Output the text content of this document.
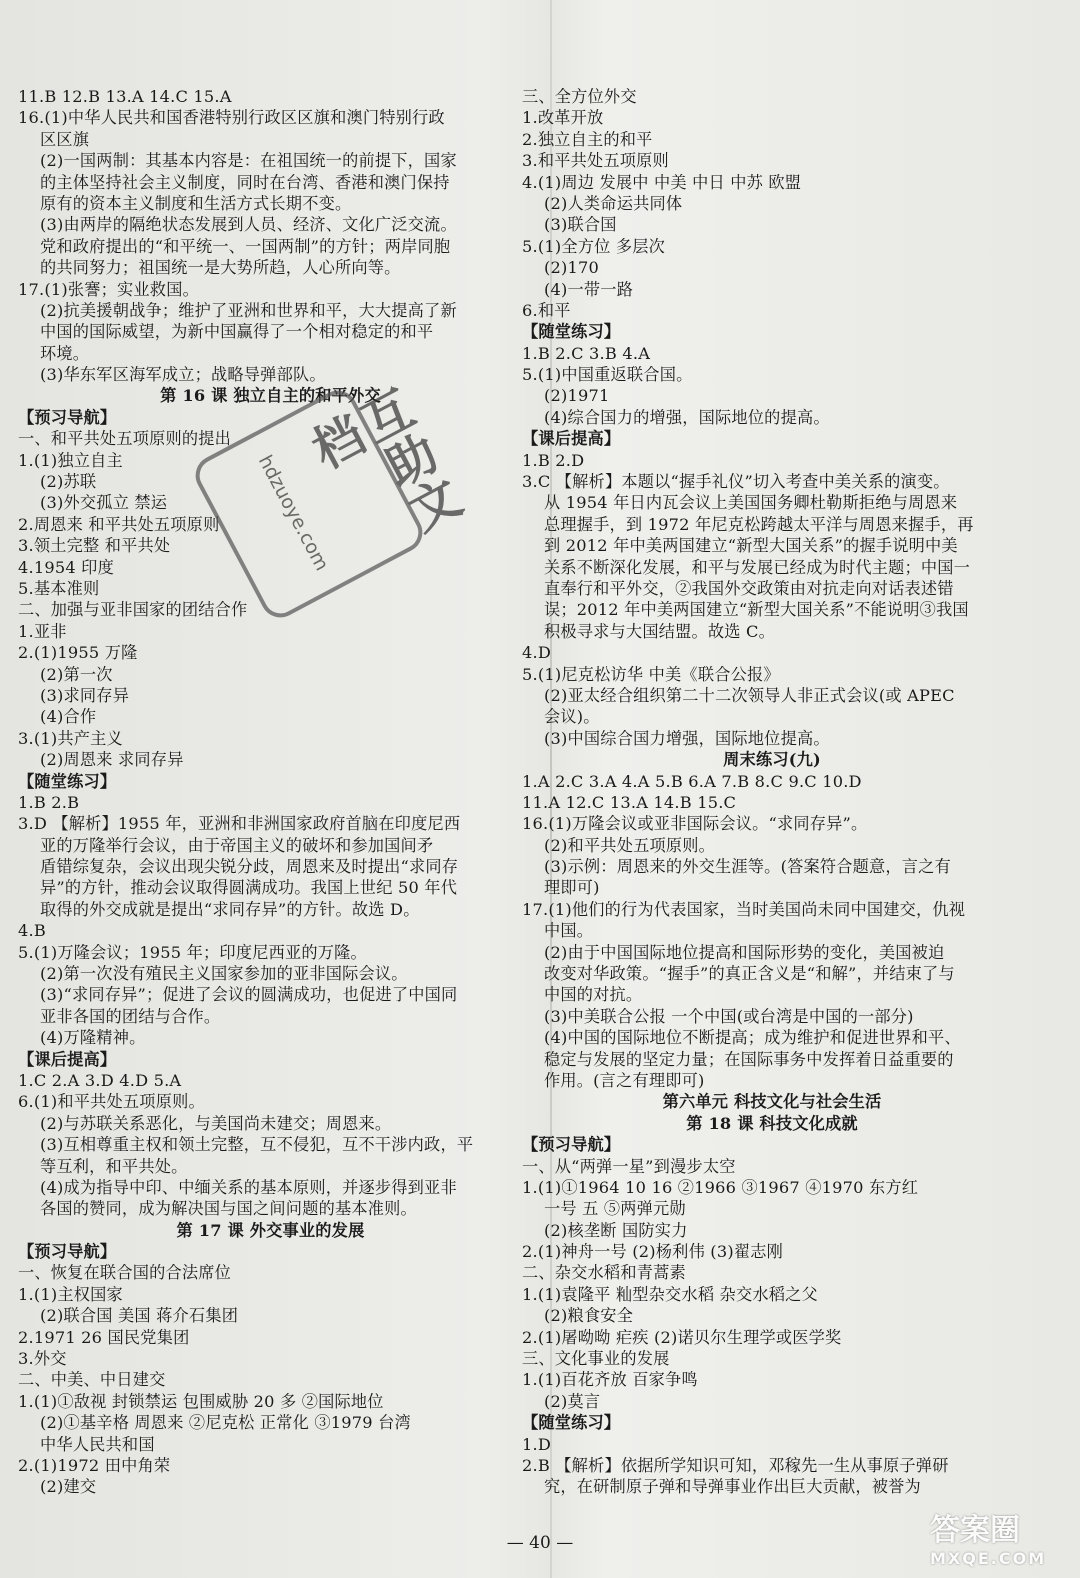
11.B 12.B 13.A 14.C 15.A
16.(1)中华人民共和国香港特别行政区区旗和澳门特别行政
区区旗
(2)一国两制：其基本内容是：在祖国统一的前提下，国家
的主体坚持社会主义制度，同时在台湾、香港和澳门保持
原有的资本主义制度和生活方式长期不变。
(3)由两岸的隔绝状态发展到人员、经济、文化广泛交流。
党和政府提出的“和平统一、一国两制”的方针；两岸同胞
的共同努力；祖国统一是大势所趋，人心所向等。
17.(1)张謇；实业救国。
(2)抗美援朝战争；维护了亚洲和世界和平，大大提高了新
中国的国际威望，为新中国赢得了一个相对稳定的和平
环境。
(3)华东军区海军成立；战略导弹部队。
第 16 课 独立自主的和平外交
【预习导航】
一、和平共处五项原则的提出
1.(1)独立自主
(2)苏联
(3)外交孤立 禁运
2.周恩来 和平共处五项原则
3.领土完整 和平共处
4.1954 印度
5.基本准则
二、加强与亚非国家的团结合作
1.亚非
2.(1)1955 万隆
(2)第一次
(3)求同存异
(4)合作
3.(1)共产主义
(2)周恩来 求同存异
【随堂练习】
1.B 2.B
3.D 【解析】1955 年，亚洲和非洲国家政府首脑在印度尼西
亚的万隆举行会议，由于帝国主义的破坏和参加国间矛
盾错综复杂，会议出现尖锐分歧，周恩来及时提出“求同存
异”的方针，推动会议取得圆满成功。我国上世纪 50 年代
取得的外交成就是提出“求同存异”的方针。故选 D。
4.B
5.(1)万隆会议；1955 年；印度尼西亚的万隆。
(2)第一次没有殖民主义国家参加的亚非国际会议。
(3)“求同存异”；促进了会议的圆满成功，也促进了中国同
亚非各国的团结与合作。
(4)万隆精神。
【课后提高】
1.C 2.A 3.D 4.D 5.A
6.(1)和平共处五项原则。
(2)与苏联关系恶化，与美国尚未建交；周恩来。
(3)互相尊重主权和领土完整，互不侵犯，互不干涉内政，平
等互利，和平共处。
(4)成为指导中印、中缅关系的基本原则，并逐步得到亚非
各国的赞同，成为解决国与国之间问题的基本准则。
第 17 课 外交事业的发展
【预习导航】
一、恢复在联合国的合法席位
1.(1)主权国家
(2)联合国 美国 蒋介石集团
2.1971 26 国民党集团
3.外交
二、中美、中日建交
1.(1)①敌视 封锁禁运 包围威胁 20 多 ②国际地位
(2)①基辛格 周恩来 ②尼克松 正常化 ③1979 台湾
中华人民共和国
2.(1)1972 田中角荣
(2)建交
三、全方位外交
1.改革开放
2.独立自主的和平
3.和平共处五项原则
4.(1)周边 发展中 中美 中日 中苏 欧盟
(2)人类命运共同体
(3)联合国
5.(1)全方位 多层次
(2)170
(4)一带一路
6.和平
【随堂练习】
1.B 2.C 3.B 4.A
5.(1)中国重返联合国。
(2)1971
(4)综合国力的增强，国际地位的提高。
【课后提高】
1.B 2.D
3.C 【解析】本题以“握手礼仪”切入考查中美关系的演变。
从 1954 年日内瓦会议上美国国务卿杜勒斯拒绝与周恩来
总理握手，到 1972 年尼克松跨越太平洋与周恩来握手，再
到 2012 年中美两国建立“新型大国关系”的握手说明中美
关系不断深化发展，和平与发展已经成为时代主题；中国一
直奉行和平外交，②我国外交政策由对抗走向对话表述错
误；2012 年中美两国建立“新型大国关系”不能说明③我国
积极寻求与大国结盟。故选 C。
4.D
5.(1)尼克松访华 中美《联合公报》
(2)亚太经合组织第二十二次领导人非正式会议(或 APEC
会议)。
(3)中国综合国力增强，国际地位提高。
周末练习(九)
1.A 2.C 3.A 4.A 5.B 6.A 7.B 8.C 9.C 10.D
11.A 12.C 13.A 14.B 15.C
16.(1)万隆会议或亚非国际会议。“求同存异”。
(2)和平共处五项原则。
(3)示例：周恩来的外交生涯等。(答案符合题意，言之有
理即可)
17.(1)他们的行为代表国家，当时美国尚未同中国建交，仇视
中国。
(2)由于中国国际地位提高和国际形势的变化，美国被迫
改变对华政策。“握手”的真正含义是“和解”，并结束了与
中国的对抗。
(3)中美联合公报 一个中国(或台湾是中国的一部分)
(4)中国的国际地位不断提高；成为维护和促进世界和平、
稳定与发展的坚定力量；在国际事务中发挥着日益重要的
作用。(言之有理即可)
第六单元 科技文化与社会生活
第 18 课 科技文化成就
【预习导航】
一、从“两弹一星”到漫步太空
1.(1)①1964 10 16 ②1966 ③1967 ④1970 东方红
一号 五 ⑤两弹元勋
(2)核垄断 国防实力
2.(1)神舟一号 (2)杨利伟 (3)翟志刚
二、杂交水稻和青蒿素
1.(1)袁隆平 籼型杂交水稻 杂交水稻之父
(2)粮食安全
2.(1)屠呦呦 疟疾 (2)诺贝尔生理学或医学奖
三、文化事业的发展
1.(1)百花齐放 百家争鸣
(2)莫言
【随堂练习】
1.D
2.B 【解析】依据所学知识可知，邓稼先一生从事原子弹研
究，在研制原子弹和导弹事业作出巨大贡献，被誉为
互助文档
hdzuoye.com
— 40 —	答案圈
MXQE.COM
